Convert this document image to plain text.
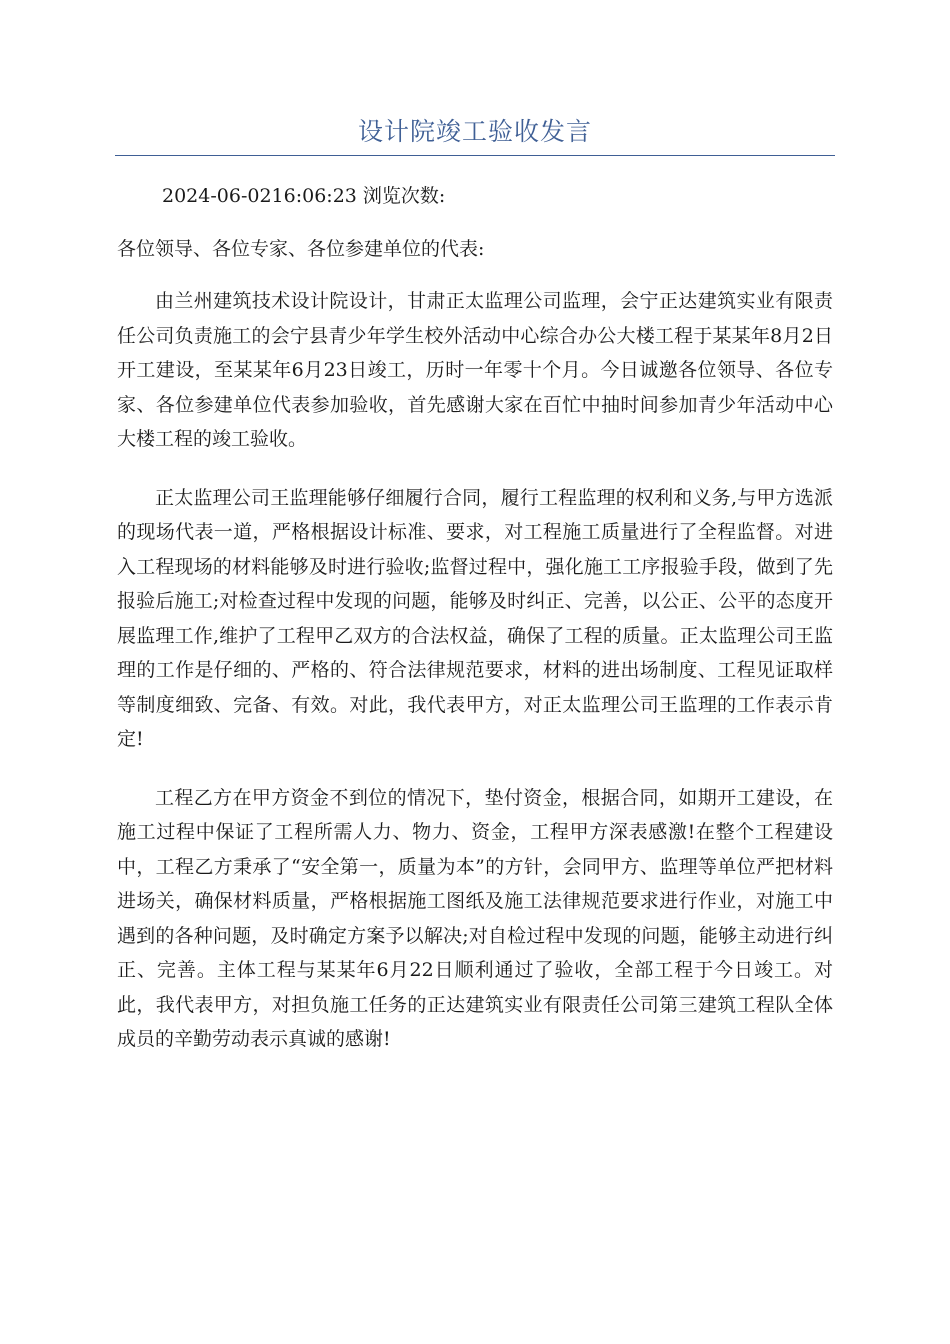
设计院竣工验收发言
2024-06-0216:06:23 浏览次数:
各位领导、各位专家、各位参建单位的代表:

由兰州建筑技术设计院设计，甘肃正太监理公司监理，会宁正达建筑实业有限责任公司负责施工的会宁县青少年学生校外活动中心综合办公大楼工程于某某年8月2日开工建设，至某某年6月23日竣工，历时一年零十个月。今日诚邀各位领导、各位专家、各位参建单位代表参加验收，首先感谢大家在百忙中抽时间参加青少年活动中心大楼工程的竣工验收。

正太监理公司王监理能够仔细履行合同，履行工程监理的权利和义务,与甲方选派的现场代表一道，严格根据设计标准、要求，对工程施工质量进行了全程监督。对进入工程现场的材料能够及时进行验收;监督过程中，强化施工工序报验手段，做到了先报验后施工;对检查过程中发现的问题，能够及时纠正、完善，以公正、公平的态度开展监理工作,维护了工程甲乙双方的合法权益，确保了工程的质量。正太监理公司王监理的工作是仔细的、严格的、符合法律规范要求，材料的进出场制度、工程见证取样等制度细致、完备、有效。对此，我代表甲方，对正太监理公司王监理的工作表示肯定!

工程乙方在甲方资金不到位的情况下，垫付资金，根据合同，如期开工建设，在施工过程中保证了工程所需人力、物力、资金，工程甲方深表感激!在整个工程建设中，工程乙方秉承了“安全第一，质量为本”的方针，会同甲方、监理等单位严把材料进场关，确保材料质量，严格根据施工图纸及施工法律规范要求进行作业，对施工中遇到的各种问题，及时确定方案予以解决;对自检过程中发现的问题，能够主动进行纠正、完善。主体工程与某某年6月22日顺利通过了验收，全部工程于今日竣工。对此，我代表甲方，对担负施工任务的正达建筑实业有限责任公司第三建筑工程队全体成员的辛勤劳动表示真诚的感谢!
